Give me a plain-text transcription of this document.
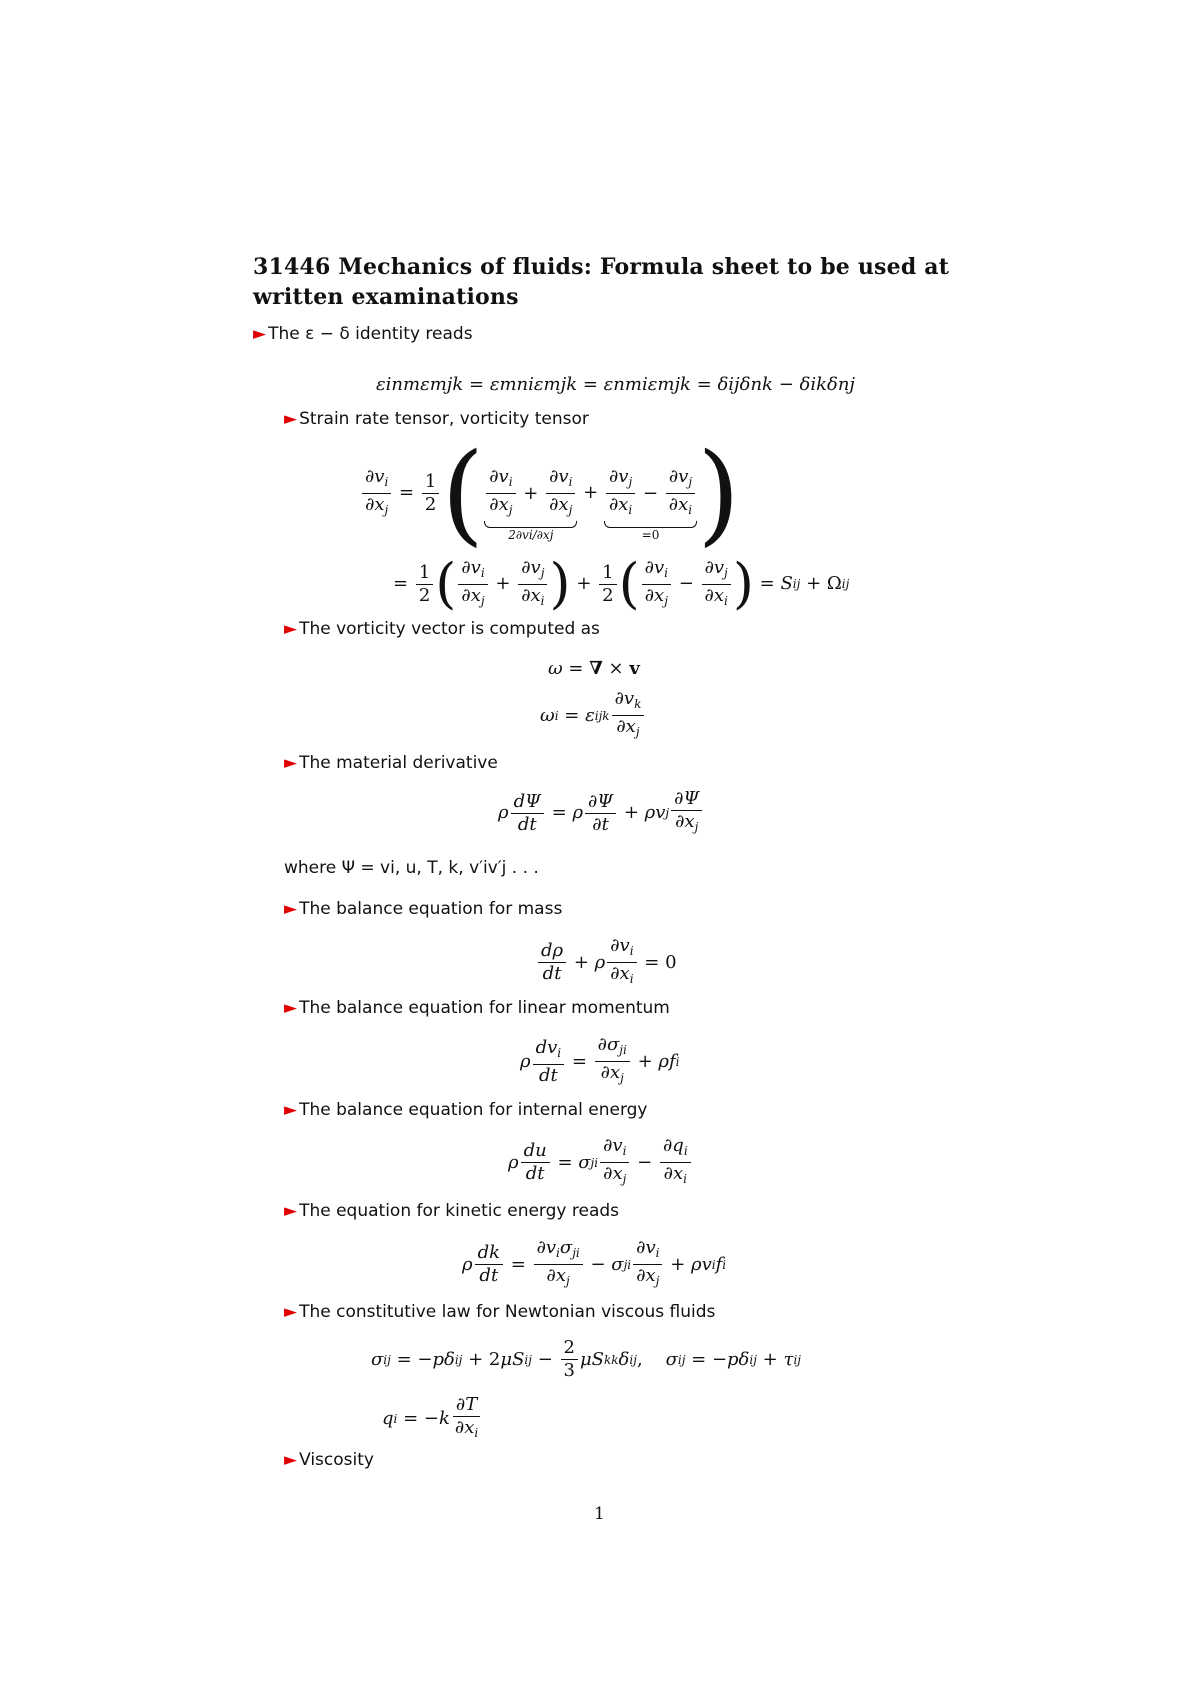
31446 Mechanics of fluids: Formula sheet to be used at written examinations
► The ε − δ identity reads
εinmεmjk = εmniεmjk = εnmiεmjk = δijδnk − δikδnj
► Strain rate tensor, vorticity tensor
$\frac{\partial v_i}{\partial x_j} = \frac{1}{2}$ ( $\frac{\partial v_i}{\partial x_j} + \frac{\partial v_i}{\partial x_j}$
2∂vi/∂xj
+ $\frac{\partial v_j}{\partial x_i} - \frac{\partial v_j}{\partial x_i}$
=0 )
= $\frac{1}{2}$ ( $\frac{\partial v_i}{\partial x_j} + \frac{\partial v_j}{\partial x_i}$ ) + $\frac{1}{2}$ ( $\frac{\partial v_i}{\partial x_j} - \frac{\partial v_j}{\partial x_i}$ ) = S ij + Ω ij
► The vorticity vector is computed as
ω = ∇ × v
ω i = ε ijk $\frac{\partial v_k}{\partial x_j}$
► The material derivative
ρ $\frac{d\Psi}{dt} = \rho \frac{\partial\Psi}{\partial t} + \rho v$ j $\frac{\partial\Psi}{\partial x_j}$
where Ψ = vi, u, T, k, v′iv′j . . .
► The balance equation for mass
$\frac{d\rho}{dt} + \rho \frac{\partial v_i}{\partial x_i} = 0$
► The balance equation for linear momentum
ρ $\frac{dv_i}{dt} = \frac{\partial\sigma_{ji}}{\partial x_j} + \rho f$ i
► The balance equation for internal energy
ρ $\frac{du}{dt} = \sigma$ ji $\frac{\partial v_i}{\partial x_j} - \frac{\partial q_i}{\partial x_i}$
► The equation for kinetic energy reads
ρ $\frac{dk}{dt} = \frac{\partial v_i\sigma_{ji}}{\partial x_j} - \sigma$ ji $\frac{\partial v_i}{\partial x_j} + \rho v$ i f i
► The constitutive law for Newtonian viscous fluids
σ ij = − pδ ij + 2 μS ij − $\frac{2}{3}$ μS kk δ ij ,
σ ij = − pδ ij + τ ij
q i = − k $\frac{\partial T}{\partial x_i}$
► Viscosity
1
